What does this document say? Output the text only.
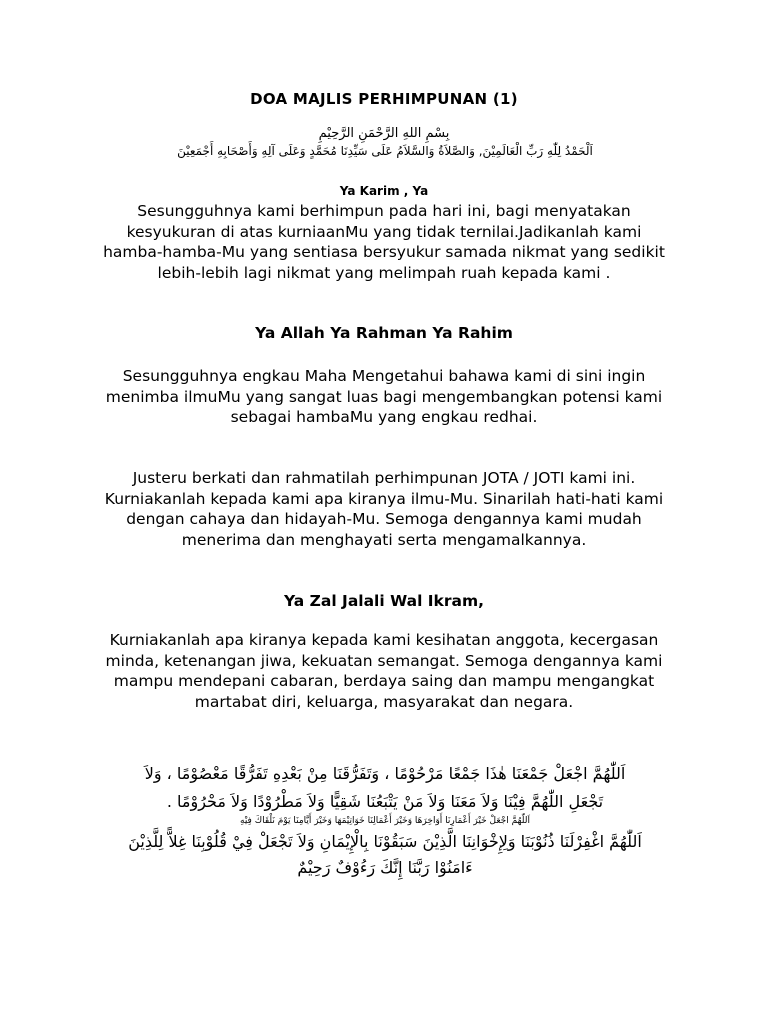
DOA MAJLIS PERHIMPUNAN (1)
بِسْمِ اللهِ الرَّحْمَنِ الرَّحِيْمِ
اَلْحَمْدُ لِلّٰهِ رَبِّ الْعَالَمِيْنَ, وَالصَّلاَةُ وَالسَّلاَمُ عَلَى سَيِّدِنَا مُحَمَّدٍ وَعَلَى آلِهِ وَأَصْحَابِهِ أَجْمَعِيْنَ
Ya Karim , Ya
Sesungguhnya kami berhimpun pada hari ini, bagi menyatakan kesyukuran di atas kurniaanMu yang tidak ternilai.Jadikanlah kami hamba-hamba-Mu yang sentiasa bersyukur samada nikmat yang sedikit lebih-lebih lagi nikmat yang melimpah ruah kepada kami .
Ya Allah Ya Rahman Ya Rahim
Sesungguhnya engkau Maha Mengetahui bahawa kami di sini ingin menimba ilmuMu yang sangat luas bagi mengembangkan potensi kami sebagai hambaMu yang engkau redhai.
Justeru berkati dan rahmatilah perhimpunan JOTA / JOTI kami ini. Kurniakanlah kepada kami apa kiranya ilmu-Mu. Sinarilah hati-hati kami dengan cahaya dan hidayah-Mu. Semoga dengannya kami mudah menerima dan menghayati serta mengamalkannya.
Ya Zal Jalali Wal Ikram,
Kurniakanlah apa kiranya kepada kami kesihatan anggota, kecergasan minda, ketenangan jiwa, kekuatan semangat. Semoga dengannya kami mampu mendepani cabaran, berdaya saing dan mampu mengangkat martabat diri, keluarga, masyarakat dan negara.
اَللّٰهُمَّ اجْعَلْ جَمْعَنَا هٰذَا جَمْعًا مَرْحُوْمًا ، وَتَفَرُّقَنَا مِنْ بَعْدِهِ تَفَرُّقًا مَعْصُوْمًا ، وَلاَ
تَجْعَلِ اللّٰهُمَّ فِيْنَا وَلاَ مَعَنَا وَلاَ مَنْ يَتْبَعُنَا شَقِيًّا وَلاَ مَطْرُوْدًا وَلاَ مَحْرُوْمًا .
اَللّٰهُمَّ اجْعَلْ خَيْرَ أَعْمَارِنَا أَوَاخِرَهَا وَخَيْرَ أَعْمَالِنَا خَوَاتِيْمَهَا وَخَيْرَ أَيَّامِنَا يَوْمَ نَلْقَاكَ فِيْهِ
اَللّٰهُمَّ اغْفِرْلَنَا ذُنُوْبَنَا وَلِإِخْوَانِنَا الَّذِيْنَ سَبَقُوْنَا بِالْإِيْمَانِ وَلاَ تَجْعَلْ فِيْ قُلُوْبِنَا غِلاًّ لِلَّذِيْنَ
ءَامَنُوْا رَبَّنَا إِنَّكَ رَءُوْفٌ رَحِيْمٌ
